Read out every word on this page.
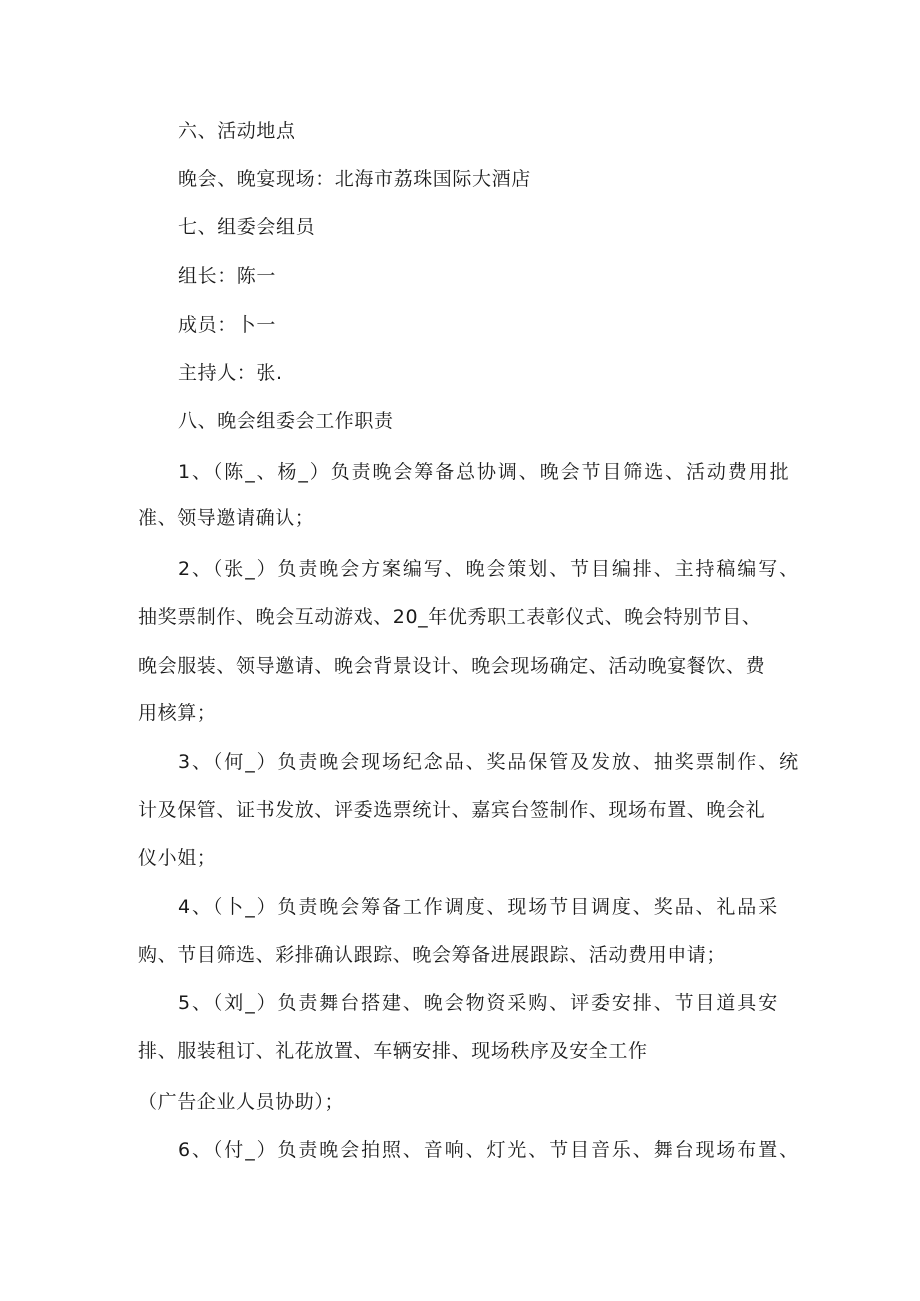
六、活动地点
晚会、晚宴现场：北海市荔珠国际大酒店
七、组委会组员
组长：陈一
成员：卜一
主持人：张.
八、晚会组委会工作职责
1、（陈_、杨_）负责晚会筹备总协调、晚会节目筛选、活动费用批
准、领导邀请确认；
2、（张_）负责晚会方案编写、晚会策划、节目编排、主持稿编写、
抽奖票制作、晚会互动游戏、20_年优秀职工表彰仪式、晚会特别节目、
晚会服装、领导邀请、晚会背景设计、晚会现场确定、活动晚宴餐饮、费
用核算；
3、（何_）负责晚会现场纪念品、奖品保管及发放、抽奖票制作、统
计及保管、证书发放、评委选票统计、嘉宾台签制作、现场布置、晚会礼
仪小姐；
4、（卜_）负责晚会筹备工作调度、现场节目调度、奖品、礼品采
购、节目筛选、彩排确认跟踪、晚会筹备进展跟踪、活动费用申请；
5、（刘_）负责舞台搭建、晚会物资采购、评委安排、节目道具安
排、服装租订、礼花放置、车辆安排、现场秩序及安全工作
（广告企业人员协助）；
6、（付_）负责晚会拍照、音响、灯光、节目音乐、舞台现场布置、
